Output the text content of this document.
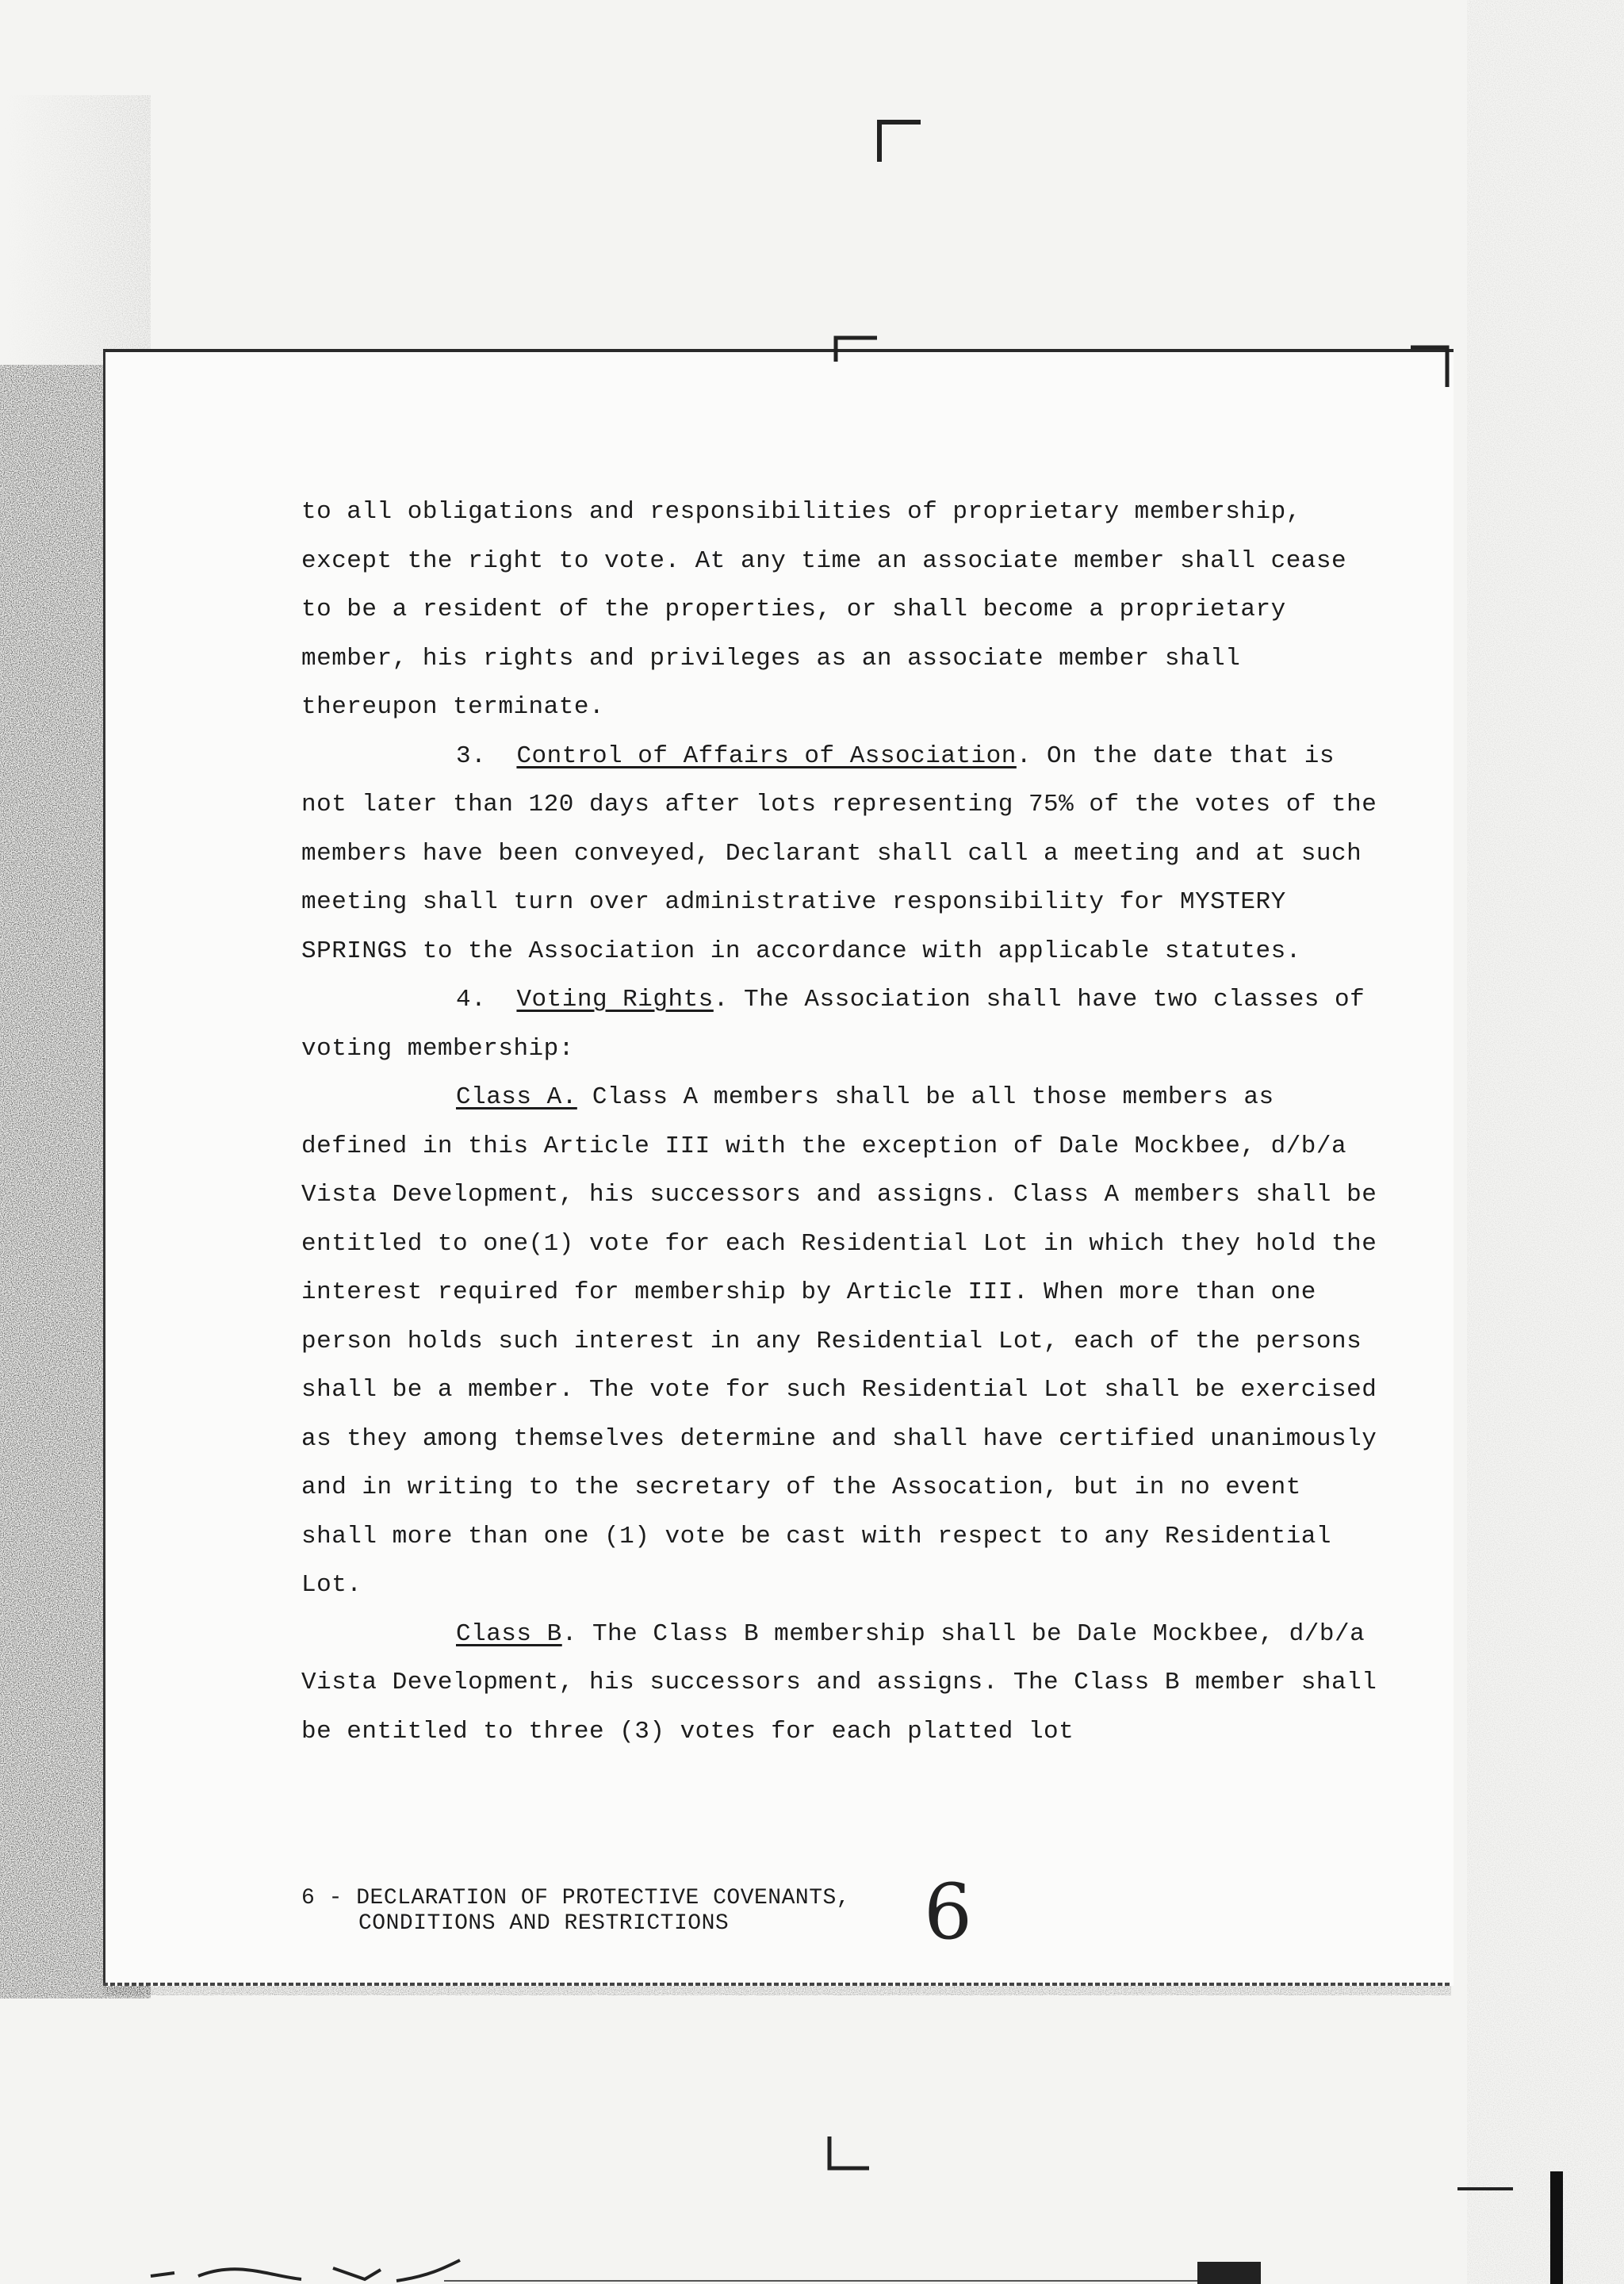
to all obligations and responsibilities of proprietary membership, except the right to vote. At any time an associate member shall cease to be a resident of the properties, or shall become a proprietary member, his rights and privileges as an associate member shall thereupon terminate.

3. Control of Affairs of Association. On the date that is not later than 120 days after lots representing 75% of the votes of the members have been conveyed, Declarant shall call a meeting and at such meeting shall turn over administrative responsibility for MYSTERY SPRINGS to the Association in accordance with applicable statutes.

4. Voting Rights. The Association shall have two classes of voting membership:

Class A. Class A members shall be all those members as defined in this Article III with the exception of Dale Mockbee, d/b/a Vista Development, his successors and assigns. Class A members shall be entitled to one(1) vote for each Residential Lot in which they hold the interest required for membership by Article III. When more than one person holds such interest in any Residential Lot, each of the persons shall be a member. The vote for such Residential Lot shall be exercised as they among themselves determine and shall have certified unanimously and in writing to the secretary of the Assocation, but in no event shall more than one (1) vote be cast with respect to any Residential Lot.

Class B. The Class B membership shall be Dale Mockbee, d/b/a Vista Development, his successors and assigns. The Class B member shall be entitled to three (3) votes for each platted lot

6 - DECLARATION OF PROTECTIVE COVENANTS,
CONDITIONS AND RESTRICTIONS	6
